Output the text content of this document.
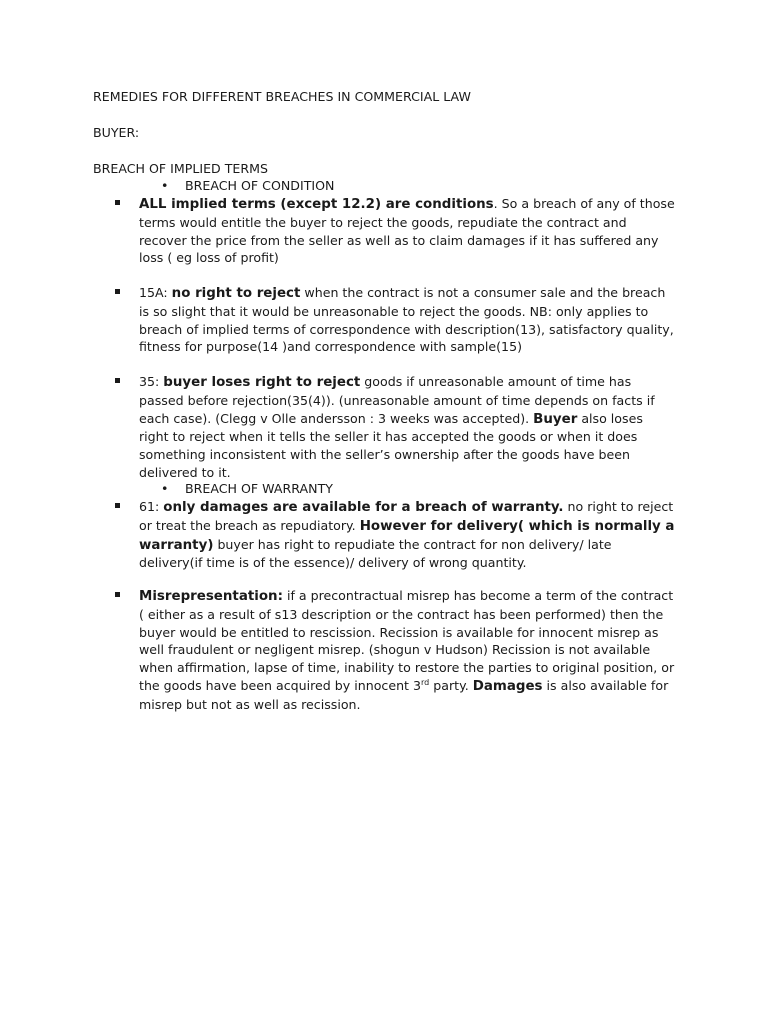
REMEDIES FOR DIFFERENT BREACHES IN COMMERCIAL LAW
BUYER:
BREACH OF IMPLIED TERMS
•	BREACH OF CONDITION
ALL implied terms (except 12.2) are conditions. So a breach of any of those terms would entitle the buyer to reject the goods, repudiate the contract and recover the price from the seller as well as to claim damages if it has suffered any loss ( eg loss of profit)
15A: no right to reject when the contract is not a consumer sale and the breach is so slight that it would be unreasonable to reject the goods. NB: only applies to breach of implied terms of correspondence with description(13), satisfactory quality, fitness for purpose(14 )and correspondence with sample(15)
35: buyer loses right to reject goods if unreasonable amount of time has passed before rejection(35(4)). (unreasonable amount of time depends on facts if each case). (Clegg v Olle andersson : 3 weeks was accepted). Buyer also loses right to reject when it tells the seller it has accepted the goods or when it does something inconsistent with the seller’s ownership after the goods have been delivered to it.
•	BREACH OF WARRANTY
61: only damages are available for a breach of warranty. no right to reject or treat the breach as repudiatory. However for delivery( which is normally a warranty) buyer has right to repudiate the contract for non delivery/ late delivery(if time is of the essence)/ delivery of wrong quantity.
Misrepresentation: if a precontractual misrep has become a term of the contract ( either as a result of s13 description or the contract has been performed) then the buyer would be entitled to rescission. Recission is available for innocent misrep as well fraudulent or negligent misrep. (shogun v Hudson) Recission is not available when affirmation, lapse of time, inability to restore the parties to original position, or the goods have been acquired by innocent 3rd party. Damages is also available for misrep but not as well as recission.
